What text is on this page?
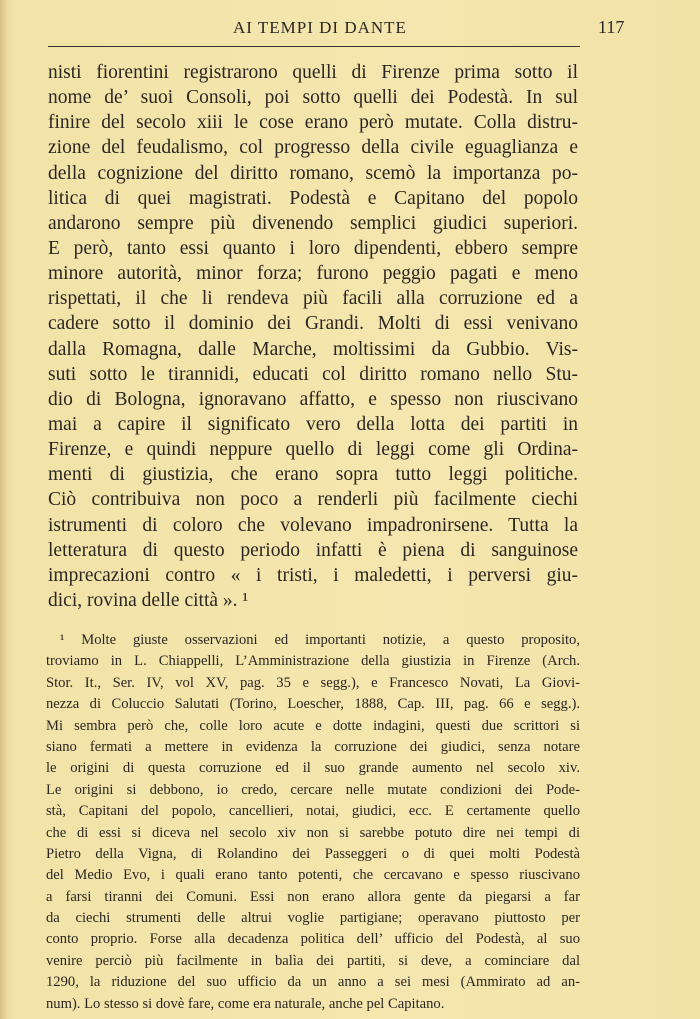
AI TEMPI DI DANTE	117
nisti fiorentini registrarono quelli di Firenze prima sotto il
nome de’ suoi Consoli, poi sotto quelli dei Podestà. In sul
finire del secolo xiii le cose erano però mutate. Colla distru-
zione del feudalismo, col progresso della civile eguaglianza e
della cognizione del diritto romano, scemò la importanza po-
litica di quei magistrati. Podestà e Capitano del popolo
andarono sempre più divenendo semplici giudici superiori.
E però, tanto essi quanto i loro dipendenti, ebbero sempre
minore autorità, minor forza; furono peggio pagati e meno
rispettati, il che li rendeva più facili alla corruzione ed a
cadere sotto il dominio dei Grandi. Molti di essi venivano
dalla Romagna, dalle Marche, moltissimi da Gubbio. Vis-
suti sotto le tirannidi, educati col diritto romano nello Stu-
dio di Bologna, ignoravano affatto, e spesso non riuscivano
mai a capire il significato vero della lotta dei partiti in
Firenze, e quindi neppure quello di leggi come gli Ordina-
menti di giustizia, che erano sopra tutto leggi politiche.
Ciò contribuiva non poco a renderli più facilmente ciechi
istrumenti di coloro che volevano impadronirsene. Tutta la
letteratura di questo periodo infatti è piena di sanguinose
imprecazioni contro « i tristi, i maledetti, i perversi giu-
dici, rovina delle città ». ¹
¹ Molte giuste osservazioni ed importanti notizie, a questo proposito,
troviamo in L. Chiappelli, L’Amministrazione della giustizia in Firenze (Arch.
Stor. It., Ser. IV, vol XV, pag. 35 e segg.), e Francesco Novati, La Giovi-
nezza di Coluccio Salutati (Torino, Loescher, 1888, Cap. III, pag. 66 e segg.).
Mi sembra però che, colle loro acute e dotte indagini, questi due scrittori si
siano fermati a mettere in evidenza la corruzione dei giudici, senza notare
le origini di questa corruzione ed il suo grande aumento nel secolo xiv.
Le origini si debbono, io credo, cercare nelle mutate condizioni dei Pode-
stà, Capitani del popolo, cancellieri, notai, giudici, ecc. E certamente quello
che di essi si diceva nel secolo xiv non si sarebbe potuto dire nei tempi di
Pietro della Vigna, di Rolandino dei Passeggeri o di quei molti Podestà
del Medio Evo, i quali erano tanto potenti, che cercavano e spesso riuscivano
a farsi tiranni dei Comuni. Essi non erano allora gente da piegarsi a far
da ciechi strumenti delle altrui voglie partigiane; operavano piuttosto per
conto proprio. Forse alla decadenza politica dell’ ufficio del Podestà, al suo
venire perciò più facilmente in balìa dei partiti, si deve, a cominciare dal
1290, la riduzione del suo ufficio da un anno a sei mesi (Ammirato ad an-
num). Lo stesso si dovè fare, come era naturale, anche pel Capitano.
